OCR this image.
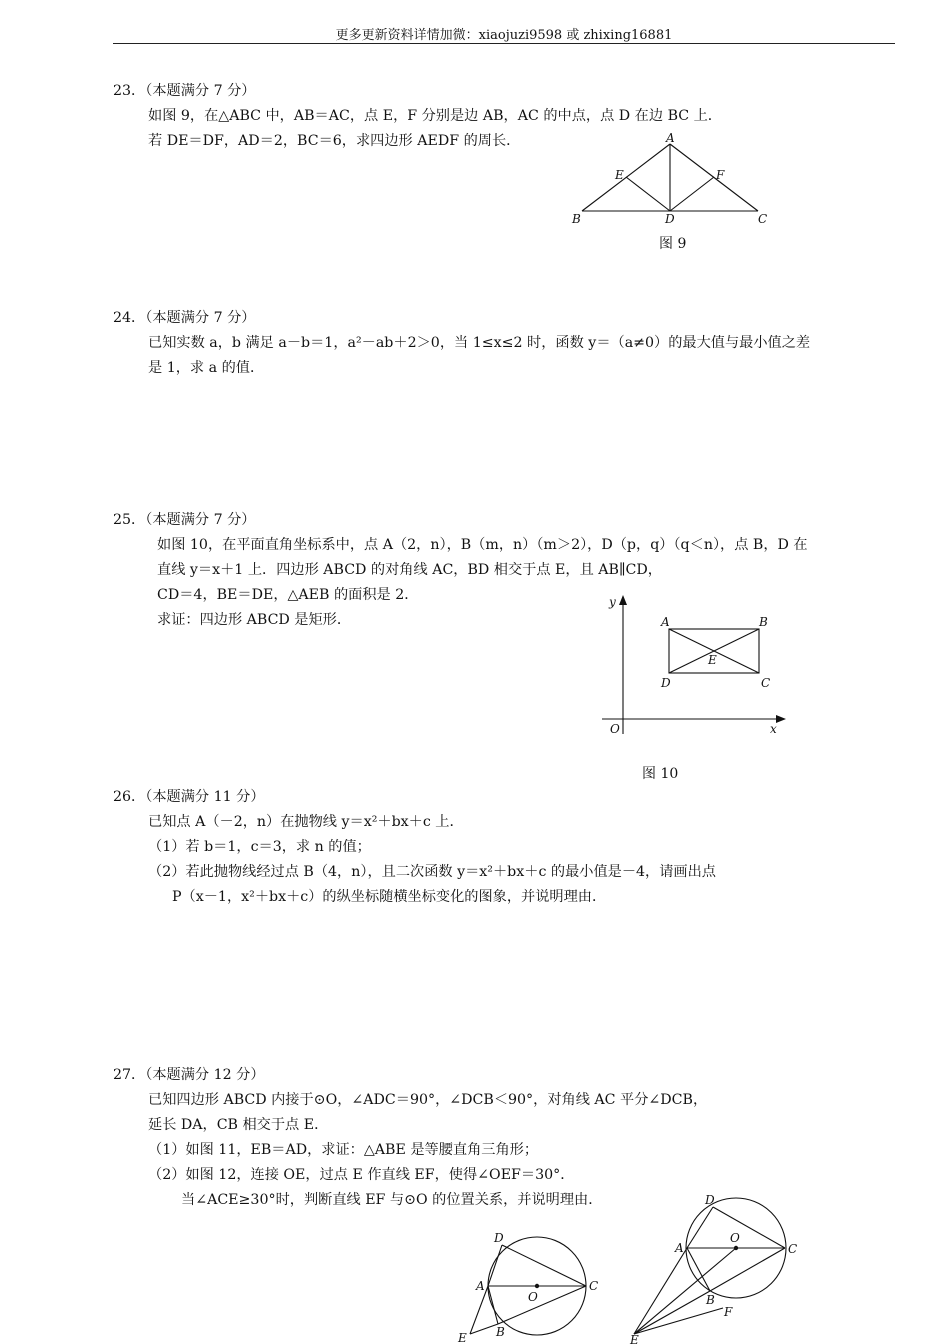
更多更新资料详情加微：xiaojuzi9598 或 zhixing16881
23．（本题满分 7 分）
如图 9，在△ABC 中，AB＝AC，点 E，F 分别是边 AB，AC 的中点，点 D 在边 BC 上．
若 DE＝DF，AD＝2，BC＝6，求四边形 AEDF 的周长．	A
E	F
B	D	C
图 9
24．（本题满分 7 分）
已知实数 a，b 满足 a－b＝1，a²－ab＋2＞0，当 1≤x≤2 时，函数 y＝（a≠0）的最大值与最小值之差
是 1，求 a 的值．
25．（本题满分 7 分）
如图 10，在平面直角坐标系中，点 A（2，n），B（m，n）（m＞2），D（p，q）（q＜n），点 B，D 在
直线 y＝x＋1 上．四边形 ABCD 的对角线 AC，BD 相交于点 E，且 AB∥CD，
CD＝4，BE＝DE，△AEB 的面积是 2．
求证：四边形 ABCD 是矩形．
y
x
O
A	B
E
D	C
图 10
26．（本题满分 11 分）
已知点 A（－2，n）在抛物线 y＝x²＋bx＋c 上．
（1）若 b＝1，c＝3，求 n 的值；
（2）若此抛物线经过点 B（4，n），且二次函数 y＝x²＋bx＋c 的最小值是－4，请画出点
P（x－1，x²＋bx＋c）的纵坐标随横坐标变化的图象，并说明理由．
27．（本题满分 12 分）
已知四边形 ABCD 内接于⊙O，∠ADC＝90°，∠DCB＜90°，对角线 AC 平分∠DCB，
延长 DA，CB 相交于点 E．
（1）如图 11，EB＝AD，求证：△ABE 是等腰直角三角形；
（2）如图 12，连接 OE，过点 E 作直线 EF，使得∠OEF＝30°．
当∠ACE≥30°时，判断直线 EF 与⊙O 的位置关系，并说明理由．
D
A
O
C
B
E
D
A
O
C
B
F
E
